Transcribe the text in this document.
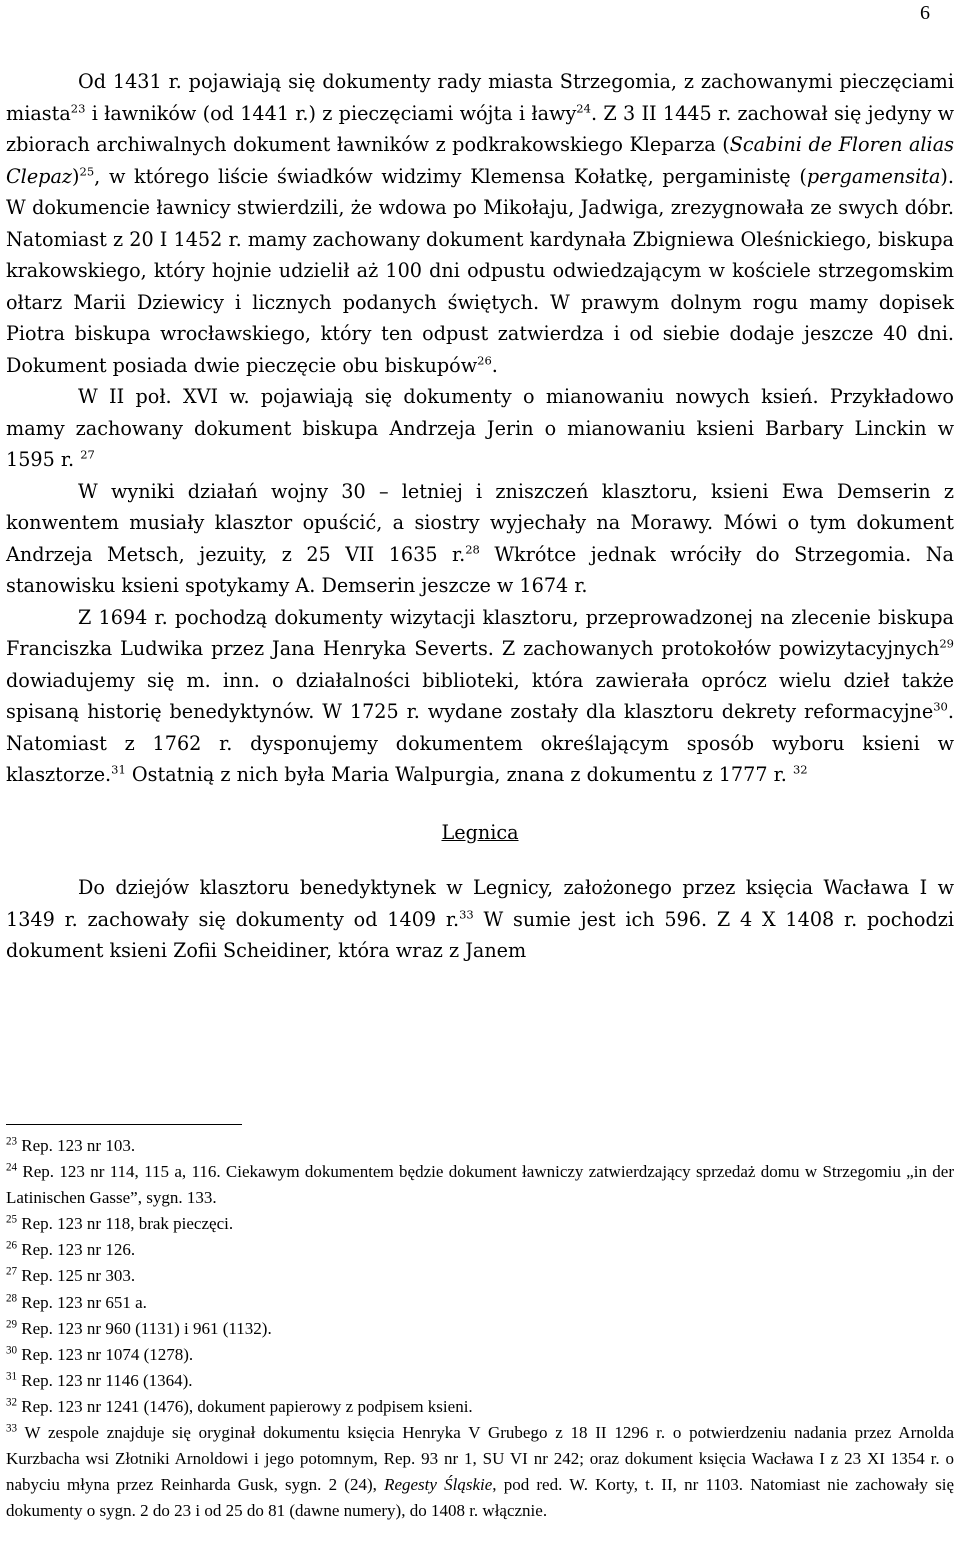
6

Od 1431 r. pojawiają się dokumenty rady miasta Strzegomia, z zachowanymi pieczęciami miasta$^{23}$ i ławników (od 1441 r.) z pieczęciami wójta i ławy$^{24}$. Z 3 II 1445 r. zachował się jedyny w zbiorach archiwalnych dokument ławników z podkrakowskiego Kleparza (Scabini de Floren alias Clepaz)$^{25}$, w którego liście świadków widzimy Klemensa Kołatkę, pergaministę (pergamensita). W dokumencie ławnicy stwierdzili, że wdowa po Mikołaju, Jadwiga, zrezygnowała ze swych dóbr. Natomiast z 20 I 1452 r. mamy zachowany dokument kardynała Zbigniewa Oleśnickiego, biskupa krakowskiego, który hojnie udzielił aż 100 dni odpustu odwiedzającym w kościele strzegomskim ołtarz Marii Dziewicy i licznych podanych świętych. W prawym dolnym rogu mamy dopisek Piotra biskupa wrocławskiego, który ten odpust zatwierdza i od siebie dodaje jeszcze 40 dni. Dokument posiada dwie pieczęcie obu biskupów$^{26}$.

W II poł. XVI w. pojawiają się dokumenty o mianowaniu nowych ksień. Przykładowo mamy zachowany dokument biskupa Andrzeja Jerin o mianowaniu ksieni Barbary Linckin w 1595 r. $^{27}$

W wyniki działań wojny 30 – letniej i zniszczeń klasztoru, ksieni Ewa Demserin z konwentem musiały klasztor opuścić, a siostry wyjechały na Morawy. Mówi o tym dokument Andrzeja Metsch, jezuity, z 25 VII 1635 r.$^{28}$ Wkrótce jednak wróciły do Strzegomia. Na stanowisku ksieni spotykamy A. Demserin jeszcze w 1674 r.

Z 1694 r. pochodzą dokumenty wizytacji klasztoru, przeprowadzonej na zlecenie biskupa Franciszka Ludwika przez Jana Henryka Severts. Z zachowanych protokołów powizytacyjnych$^{29}$ dowiadujemy się m. inn. o działalności biblioteki, która zawierała oprócz wielu dzieł także spisaną historię benedyktynów. W 1725 r. wydane zostały dla klasztoru dekrety reformacyjne$^{30}$. Natomiast z 1762 r. dysponujemy dokumentem określającym sposób wyboru ksieni w klasztorze.$^{31}$ Ostatnią z nich była Maria Walpurgia, znana z dokumentu z 1777 r. $^{32}$

Legnica

Do dziejów klasztoru benedyktynek w Legnicy, założonego przez księcia Wacława I w 1349 r. zachowały się dokumenty od 1409 r.$^{33}$ W sumie jest ich 596. Z 4 X 1408 r. pochodzi dokument ksieni Zofii Scheidiner, która wraz z Janem

$^{23}$ Rep. 123 nr 103.

$^{24}$ Rep. 123 nr 114, 115 a, 116. Ciekawym dokumentem będzie dokument ławniczy zatwierdzający sprzedaż domu w Strzegomiu „in der Latinischen Gasse”, sygn. 133.

$^{25}$ Rep. 123 nr 118, brak pieczęci.

$^{26}$ Rep. 123 nr 126.

$^{27}$ Rep. 125 nr 303.

$^{28}$ Rep. 123 nr 651 a.

$^{29}$ Rep. 123 nr 960 (1131) i 961 (1132).

$^{30}$ Rep. 123 nr 1074 (1278).

$^{31}$ Rep. 123 nr 1146 (1364).

$^{32}$ Rep. 123 nr 1241 (1476), dokument papierowy z podpisem ksieni.

$^{33}$ W zespole znajduje się oryginał dokumentu księcia Henryka V Grubego z 18 II 1296 r. o potwierdzeniu nadania przez Arnolda Kurzbacha wsi Złotniki Arnoldowi i jego potomnym, Rep. 93 nr 1, SU VI nr 242; oraz dokument księcia Wacława I z 23 XI 1354 r. o nabyciu młyna przez Reinharda Gusk, sygn. 2 (24), Regesty Śląskie, pod red. W. Korty, t. II, nr 1103. Natomiast nie zachowały się dokumenty o sygn. 2 do 23 i od 25 do 81 (dawne numery), do 1408 r. włącznie.
